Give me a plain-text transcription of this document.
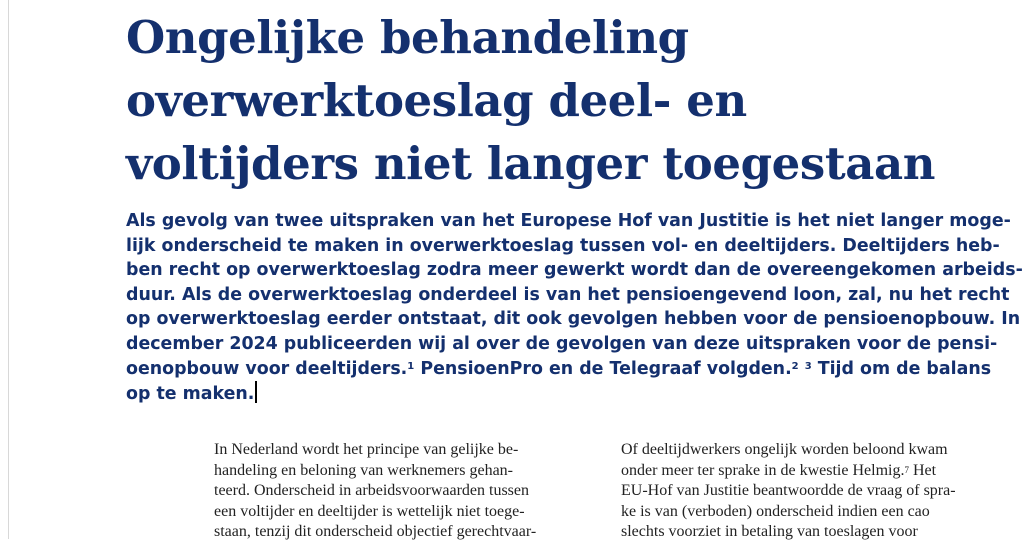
Ongelijke behandeling
overwerktoeslag deel- en
voltijders niet langer toegestaan
Als gevolg van twee uitspraken van het Europese Hof van Justitie is het niet langer moge-
lijk onderscheid te maken in overwerktoeslag tussen vol- en deeltijders. Deeltijders heb-
ben recht op overwerktoeslag zodra meer gewerkt wordt dan de overeengekomen arbeids-
duur. Als de overwerktoeslag onderdeel is van het pensioengevend loon, zal, nu het recht
op overwerktoeslag eerder ontstaat, dit ook gevolgen hebben voor de pensioenopbouw. In
december 2024 publiceerden wij al over de gevolgen van deze uitspraken voor de pensi-
oenopbouw voor deeltijders.$^1$ PensioenPro en de Telegraaf volgden.$^2$ $^3$ Tijd om de balans
op te maken.
In Nederland wordt het principe van gelijke be-
handeling en beloning van werknemers gehan-
teerd. Onderscheid in arbeidsvoorwaarden tussen
een voltijder en deeltijder is wettelijk niet toege-
staan, tenzij dit onderscheid objectief gerechtvaar-
Of deeltijdwerkers ongelijk worden beloond kwam
onder meer ter sprake in de kwestie Helmig.$^7$ Het
EU-Hof van Justitie beantwoordde de vraag of spra-
ke is van (verboden) onderscheid indien een cao
slechts voorziet in betaling van toeslagen voor
